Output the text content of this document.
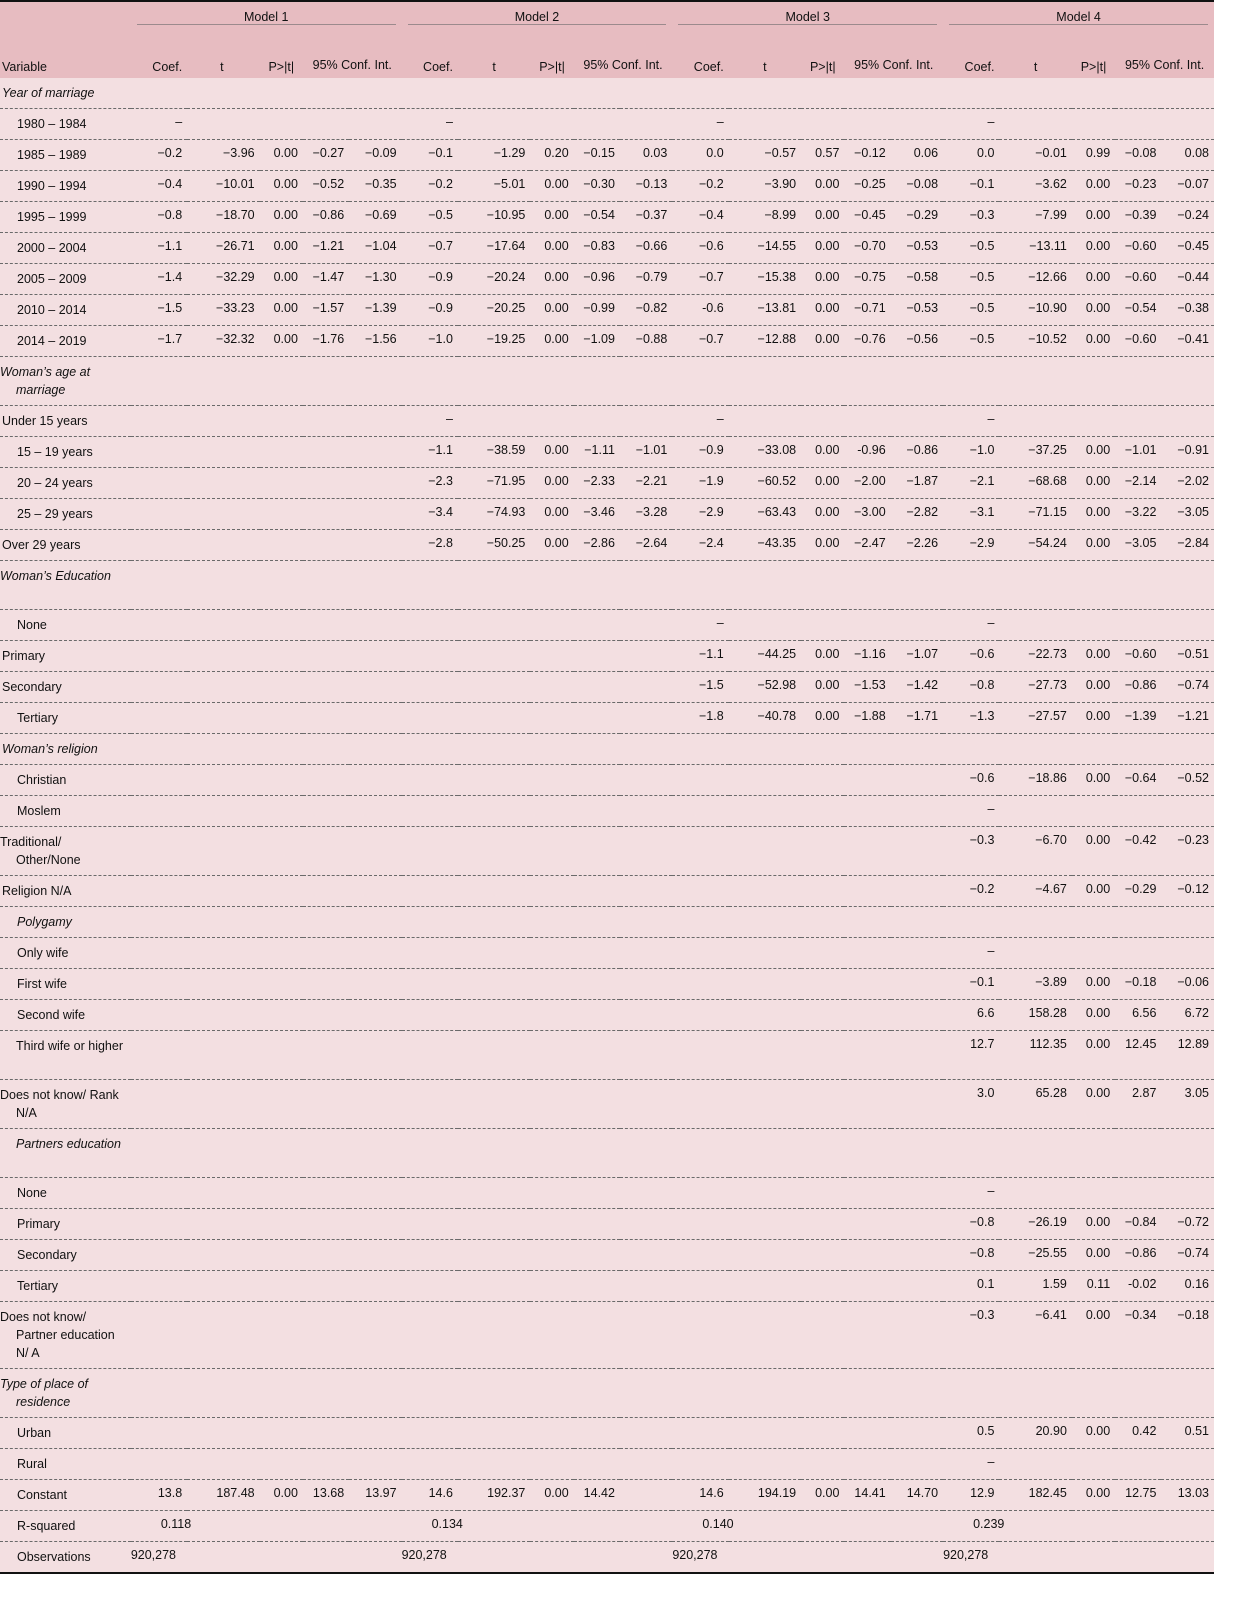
	Model 1					Model 2					Model 3					Model 4				

Variable	Coef.	t	P>|t|	95% Conf. Int.		Coef.	t	P>|t|	95% Conf. Int.		Coef.	t	P>|t|	95% Conf. Int.		Coef.	t	P>|t|	95% Conf. Int.	
Year of marriage																				
1980 – 1984	–					–					–					–				
1985 – 1989	−0.2	−3.96	0.00	−0.27	−0.09	−0.1	−1.29	0.20	−0.15	0.03	0.0	−0.57	0.57	−0.12	0.06	0.0	−0.01	0.99	−0.08	0.08
1990 – 1994	−0.4	−10.01	0.00	−0.52	−0.35	−0.2	−5.01	0.00	−0.30	−0.13	−0.2	−3.90	0.00	−0.25	−0.08	−0.1	−3.62	0.00	−0.23	−0.07
1995 – 1999	−0.8	−18.70	0.00	−0.86	−0.69	−0.5	−10.95	0.00	−0.54	−0.37	−0.4	−8.99	0.00	−0.45	−0.29	−0.3	−7.99	0.00	−0.39	−0.24
2000 – 2004	−1.1	−26.71	0.00	−1.21	−1.04	−0.7	−17.64	0.00	−0.83	−0.66	−0.6	−14.55	0.00	−0.70	−0.53	−0.5	−13.11	0.00	−0.60	−0.45
2005 – 2009	−1.4	−32.29	0.00	−1.47	−1.30	−0.9	−20.24	0.00	−0.96	−0.79	−0.7	−15.38	0.00	−0.75	−0.58	−0.5	−12.66	0.00	−0.60	−0.44
2010 – 2014	−1.5	−33.23	0.00	−1.57	−1.39	−0.9	−20.25	0.00	−0.99	−0.82	-0.6	−13.81	0.00	−0.71	−0.53	−0.5	−10.90	0.00	−0.54	−0.38
2014 – 2019	−1.7	−32.32	0.00	−1.76	−1.56	−1.0	−19.25	0.00	−1.09	−0.88	−0.7	−12.88	0.00	−0.76	−0.56	−0.5	−10.52	0.00	−0.60	−0.41
Woman’s age at marriage																				
Under 15 years						–					–					–				
15 – 19 years						−1.1	−38.59	0.00	−1.11	−1.01	−0.9	−33.08	0.00	-0.96	−0.86	−1.0	−37.25	0.00	−1.01	−0.91
20 – 24 years						−2.3	−71.95	0.00	−2.33	−2.21	−1.9	−60.52	0.00	−2.00	−1.87	−2.1	−68.68	0.00	−2.14	−2.02
25 – 29 years						−3.4	−74.93	0.00	−3.46	−3.28	−2.9	−63.43	0.00	−3.00	−2.82	−3.1	−71.15	0.00	−3.22	−3.05
Over 29 years						−2.8	−50.25	0.00	−2.86	−2.64	−2.4	−43.35	0.00	−2.47	−2.26	−2.9	−54.24	0.00	−3.05	−2.84
Woman’s Education																				
None											–					–				
Primary											−1.1	−44.25	0.00	−1.16	−1.07	−0.6	−22.73	0.00	−0.60	−0.51
Secondary											−1.5	−52.98	0.00	−1.53	−1.42	−0.8	−27.73	0.00	−0.86	−0.74
Tertiary											−1.8	−40.78	0.00	−1.88	−1.71	−1.3	−27.57	0.00	−1.39	−1.21
Woman’s religion																				
Christian																−0.6	−18.86	0.00	−0.64	−0.52
Moslem																–				
Traditional/ Other/None																−0.3	−6.70	0.00	−0.42	−0.23
Religion N/A																−0.2	−4.67	0.00	−0.29	−0.12
Polygamy																				
Only wife																–				
First wife																−0.1	−3.89	0.00	−0.18	−0.06
Second wife																6.6	158.28	0.00	6.56	6.72
Third wife or higher																12.7	112.35	0.00	12.45	12.89
Does not know/ Rank N/A																3.0	65.28	0.00	2.87	3.05
Partners education																				
None																–				
Primary																−0.8	−26.19	0.00	−0.84	−0.72
Secondary																−0.8	−25.55	0.00	−0.86	−0.74
Tertiary																0.1	1.59	0.11	-0.02	0.16
Does not know/ Partner education N/ A																−0.3	−6.41	0.00	−0.34	−0.18
Type of place of residence																				
Urban																0.5	20.90	0.00	0.42	0.51
Rural																–				
Constant	13.8	187.48	0.00	13.68	13.97	14.6	192.37	0.00	14.42		14.6	194.19	0.00	14.41	14.70	12.9	182.45	0.00	12.75	13.03
R-squared	0.118					0.134					0.140					0.239				
Observations	920,278					920,278					920,278					920,278				
